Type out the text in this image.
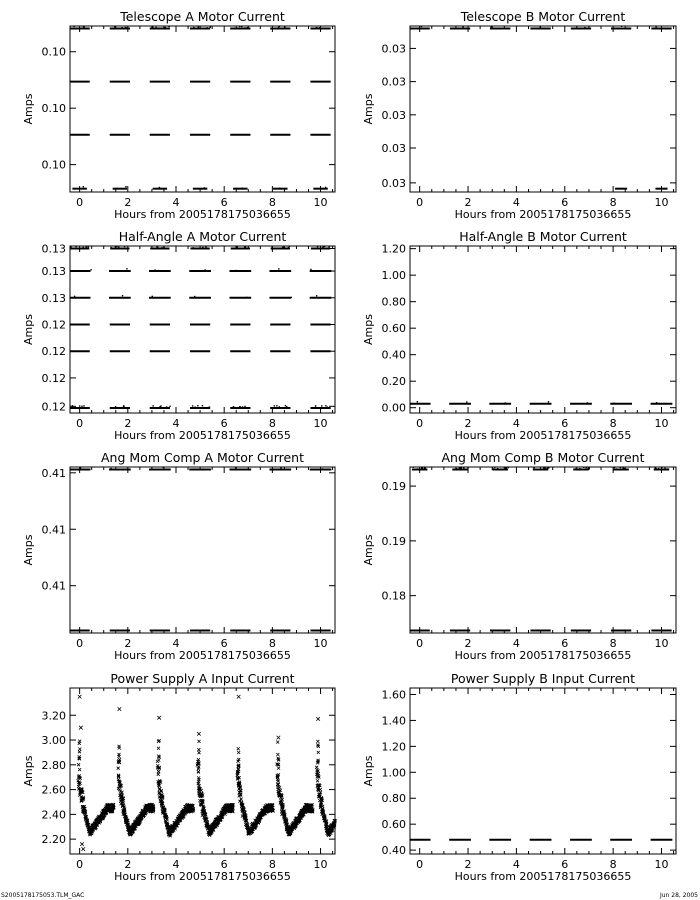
Telescope A Motor Current
0	2	4	6	8	10
Hours from 2005178175036655
0.10
0.10
0.10
Amps
Telescope B Motor Current
0	2	4	6	8	10
Hours from 2005178175036655
0.03
0.03
0.03
0.03
0.03
Amps
Half-Angle A Motor Current
0	2	4	6	8	10
Hours from 2005178175036655
0.13
0.13
0.13
0.12
0.12
0.12
0.12
Amps
Half-Angle B Motor Current
0	2	4	6	8	10
Hours from 2005178175036655
0.00
0.20
0.40
0.60
0.80
1.00
1.20
Amps
Ang Mom Comp A Motor Current
0	2	4	6	8	10
Hours from 2005178175036655
0.41
0.41
0.41
Amps
Ang Mom Comp B Motor Current
0	2	4	6	8	10
Hours from 2005178175036655
0.19
0.19
0.18
Amps
Power Supply A Input Current
0	2	4	6	8	10
Hours from 2005178175036655
2.20
2.40
2.60
2.80
3.00
3.20
Amps
Power Supply B Input Current
0	2	4	6	8	10
Hours from 2005178175036655
0.40
0.60
0.80
1.00
1.20
1.40
1.60
Amps
S2005178175053.TLM_GAC	Jun 28, 2005
